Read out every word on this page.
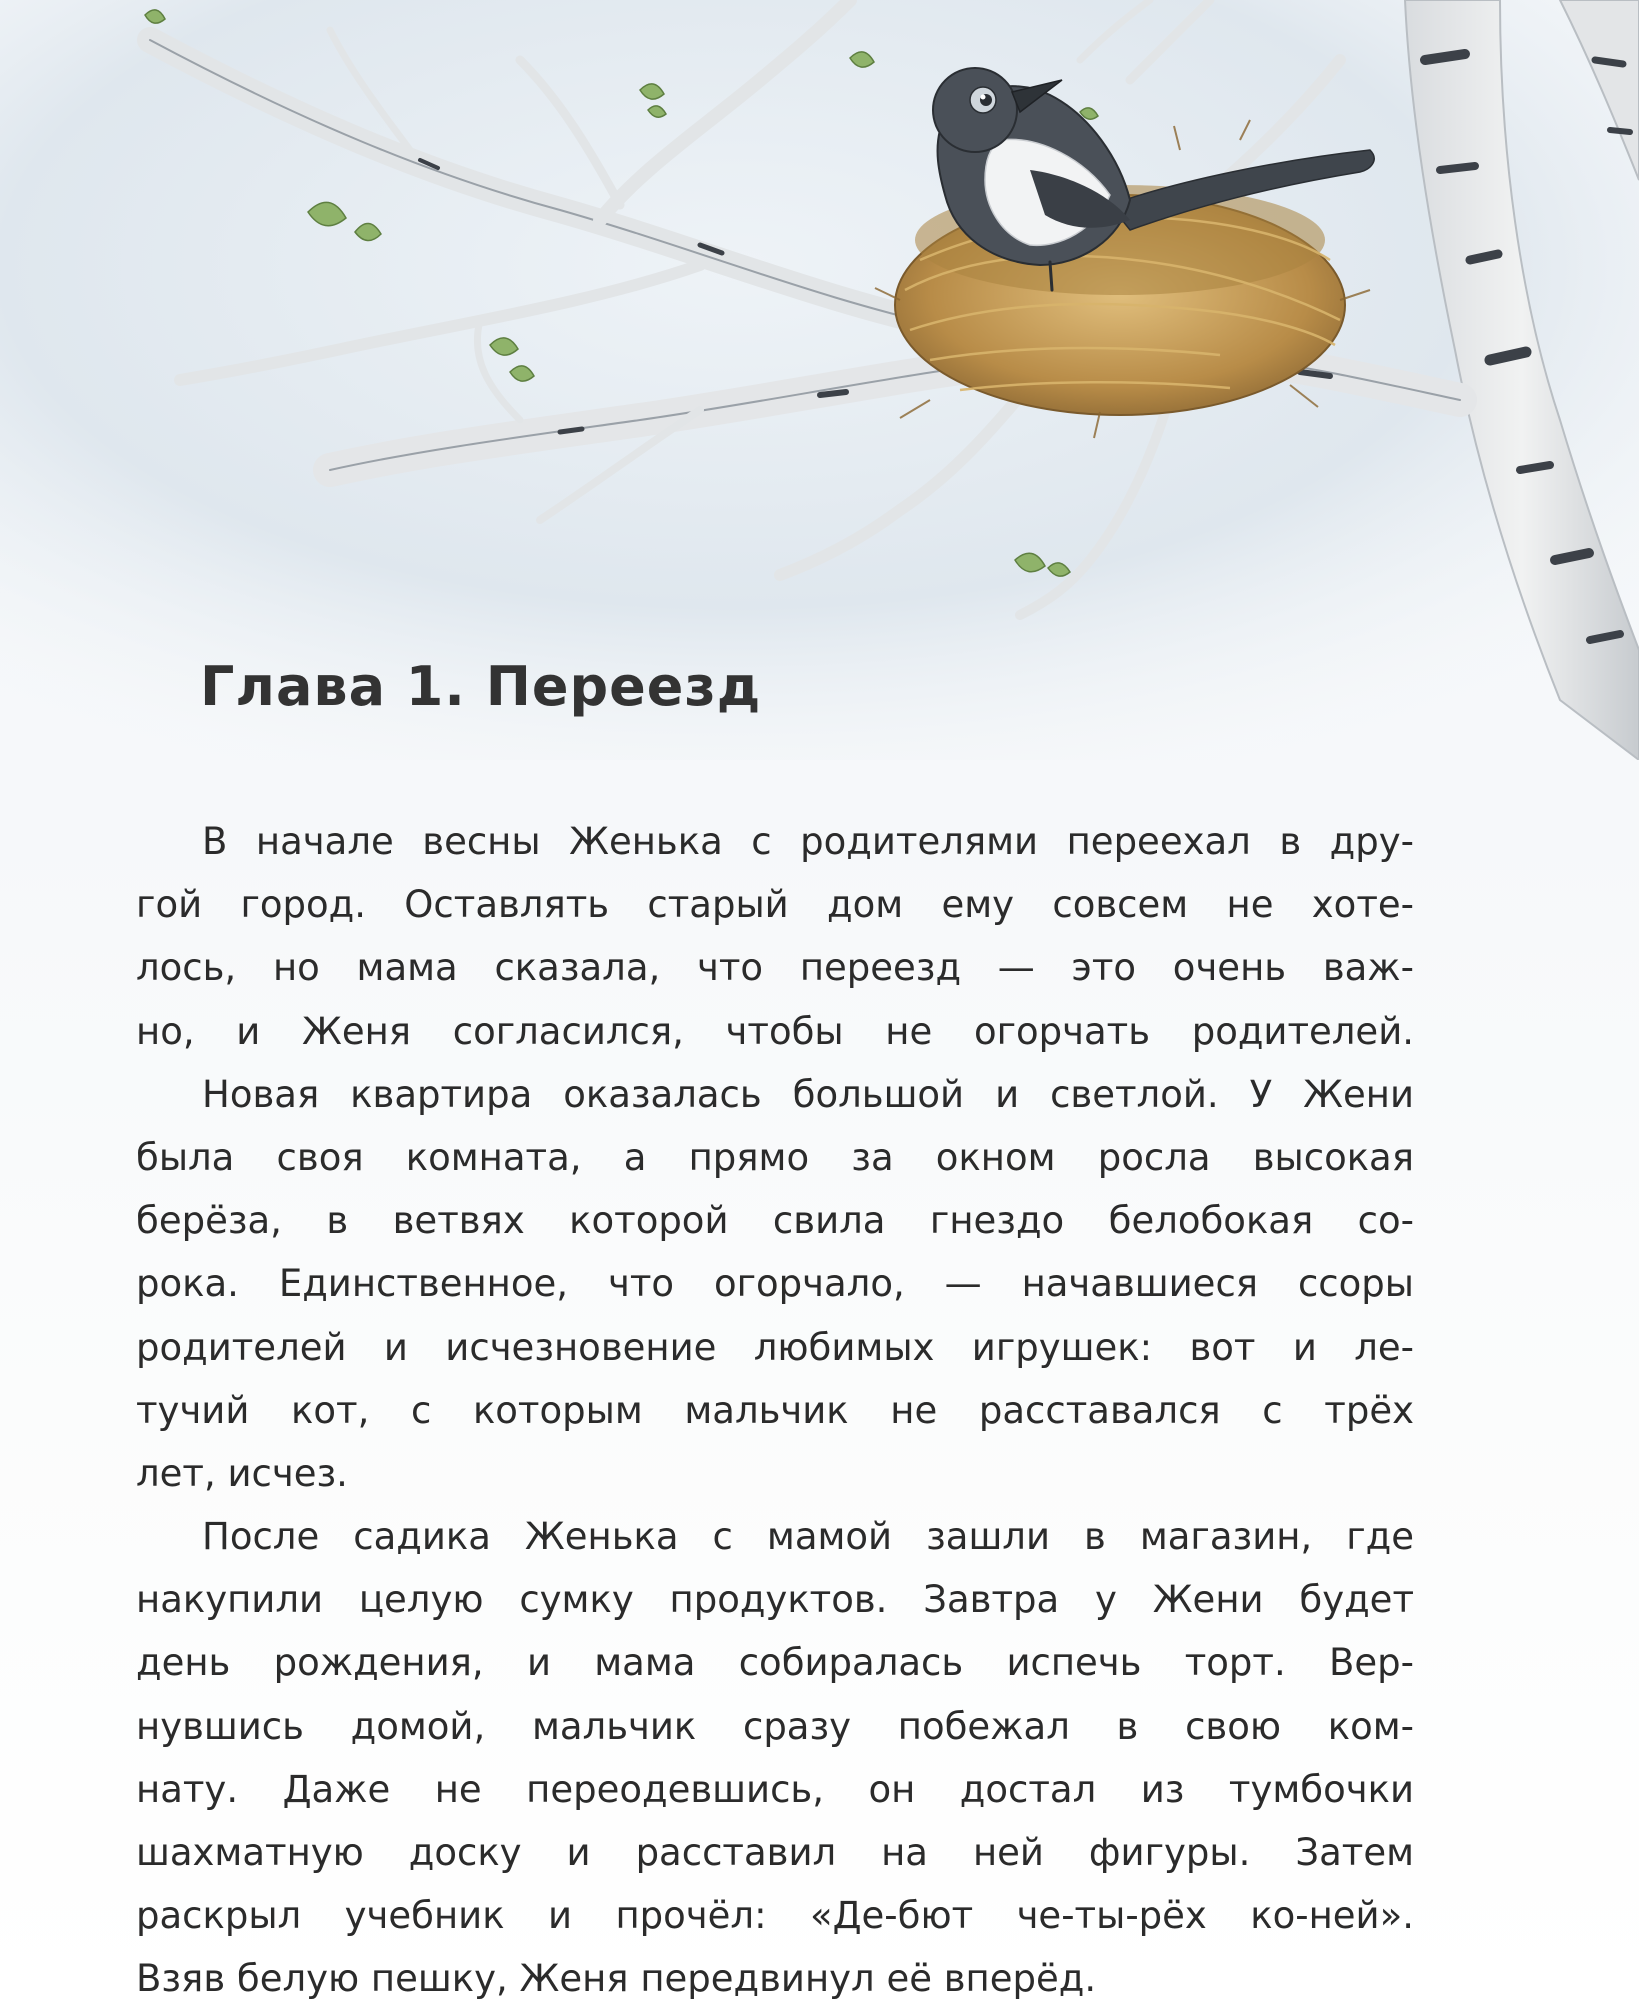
Глава 1. Переезд
В начале весны Женька с родителями переехал в дру-
гой город. Оставлять старый дом ему совсем не хоте-
лось, но мама сказала, что переезд — это очень важ-
но, и Женя согласился, чтобы не огорчать родителей.
Новая квартира оказалась большой и светлой. У Жени
была своя комната, а прямо за окном росла высокая
берёза, в ветвях которой свила гнездо белобокая со-
рока. Единственное, что огорчало, — начавшиеся ссоры
родителей и исчезновение любимых игрушек: вот и ле-
тучий кот, с которым мальчик не расставался с трёх
лет, исчез.
После садика Женька с мамой зашли в магазин, где
накупили целую сумку продуктов. Завтра у Жени будет
день рождения, и мама собиралась испечь торт. Вер-
нувшись домой, мальчик сразу побежал в свою ком-
нату. Даже не переодевшись, он достал из тумбочки
шахматную доску и расставил на ней фигуры. Затем
раскрыл учебник и прочёл: «Де-бют че-ты-рёх ко-ней».
Взяв белую пешку, Женя передвинул её вперёд.
